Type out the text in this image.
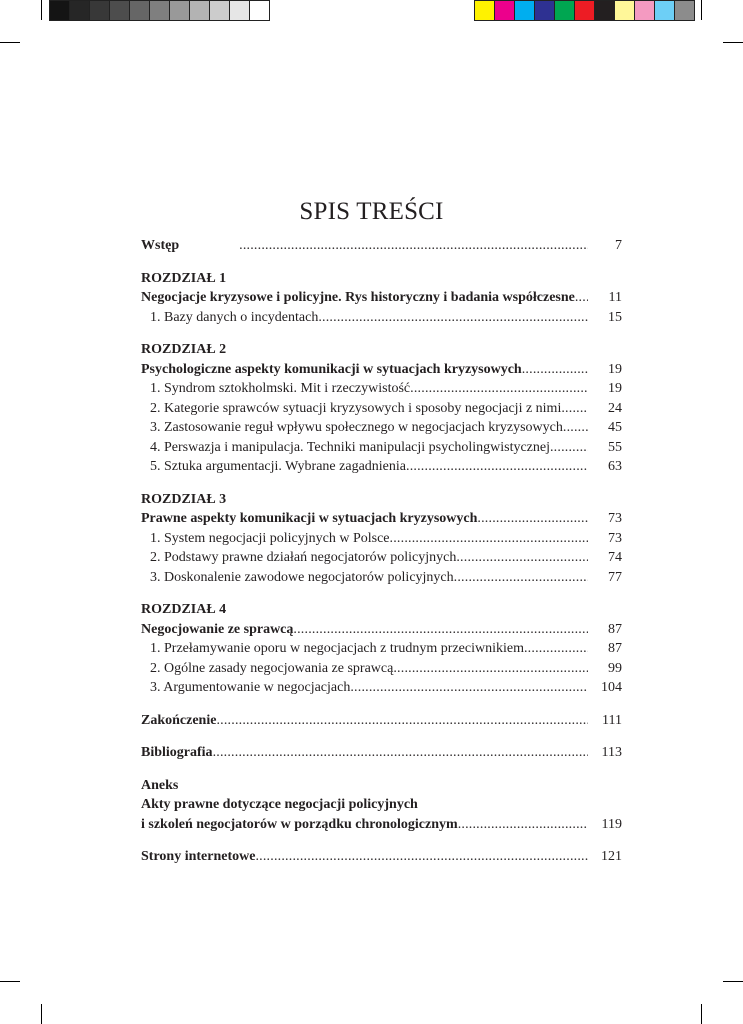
SPIS TREŚCI
Wstęp .....	7
ROZDZIAŁ 1
Negocjacje kryzysowe i policyjne. Rys historyczny i badania współczesne .....	11
1. Bazy danych o incydentach .....	15
ROZDZIAŁ 2
Psychologiczne aspekty komunikacji w sytuacjach kryzysowych .....	19
1. Syndrom sztokholmski. Mit i rzeczywistość .....	19
2. Kategorie sprawców sytuacji kryzysowych i sposoby negocjacji z nimi .....	24
3. Zastosowanie reguł wpływu społecznego w negocjacjach kryzysowych .....	45
4. Perswazja i manipulacja. Techniki manipulacji psycholingwistycznej .....	55
5. Sztuka argumentacji. Wybrane zagadnienia .....	63
ROZDZIAŁ 3
Prawne aspekty komunikacji w sytuacjach kryzysowych .....	73
1. System negocjacji policyjnych w Polsce .....	73
2. Podstawy prawne działań negocjatorów policyjnych .....	74
3. Doskonalenie zawodowe negocjatorów policyjnych .....	77
ROZDZIAŁ 4
Negocjowanie ze sprawcą .....	87
1. Przełamywanie oporu w negocjacjach z trudnym przeciwnikiem .....	87
2. Ogólne zasady negocjowania ze sprawcą .....	99
3. Argumentowanie w negocjacjach .....	104
Zakończenie .....	111
Bibliografia .....	113
Aneks
Akty prawne dotyczące negocjacji policyjnych
i szkoleń negocjatorów w porządku chronologicznym .....	119
Strony internetowe .....	121
